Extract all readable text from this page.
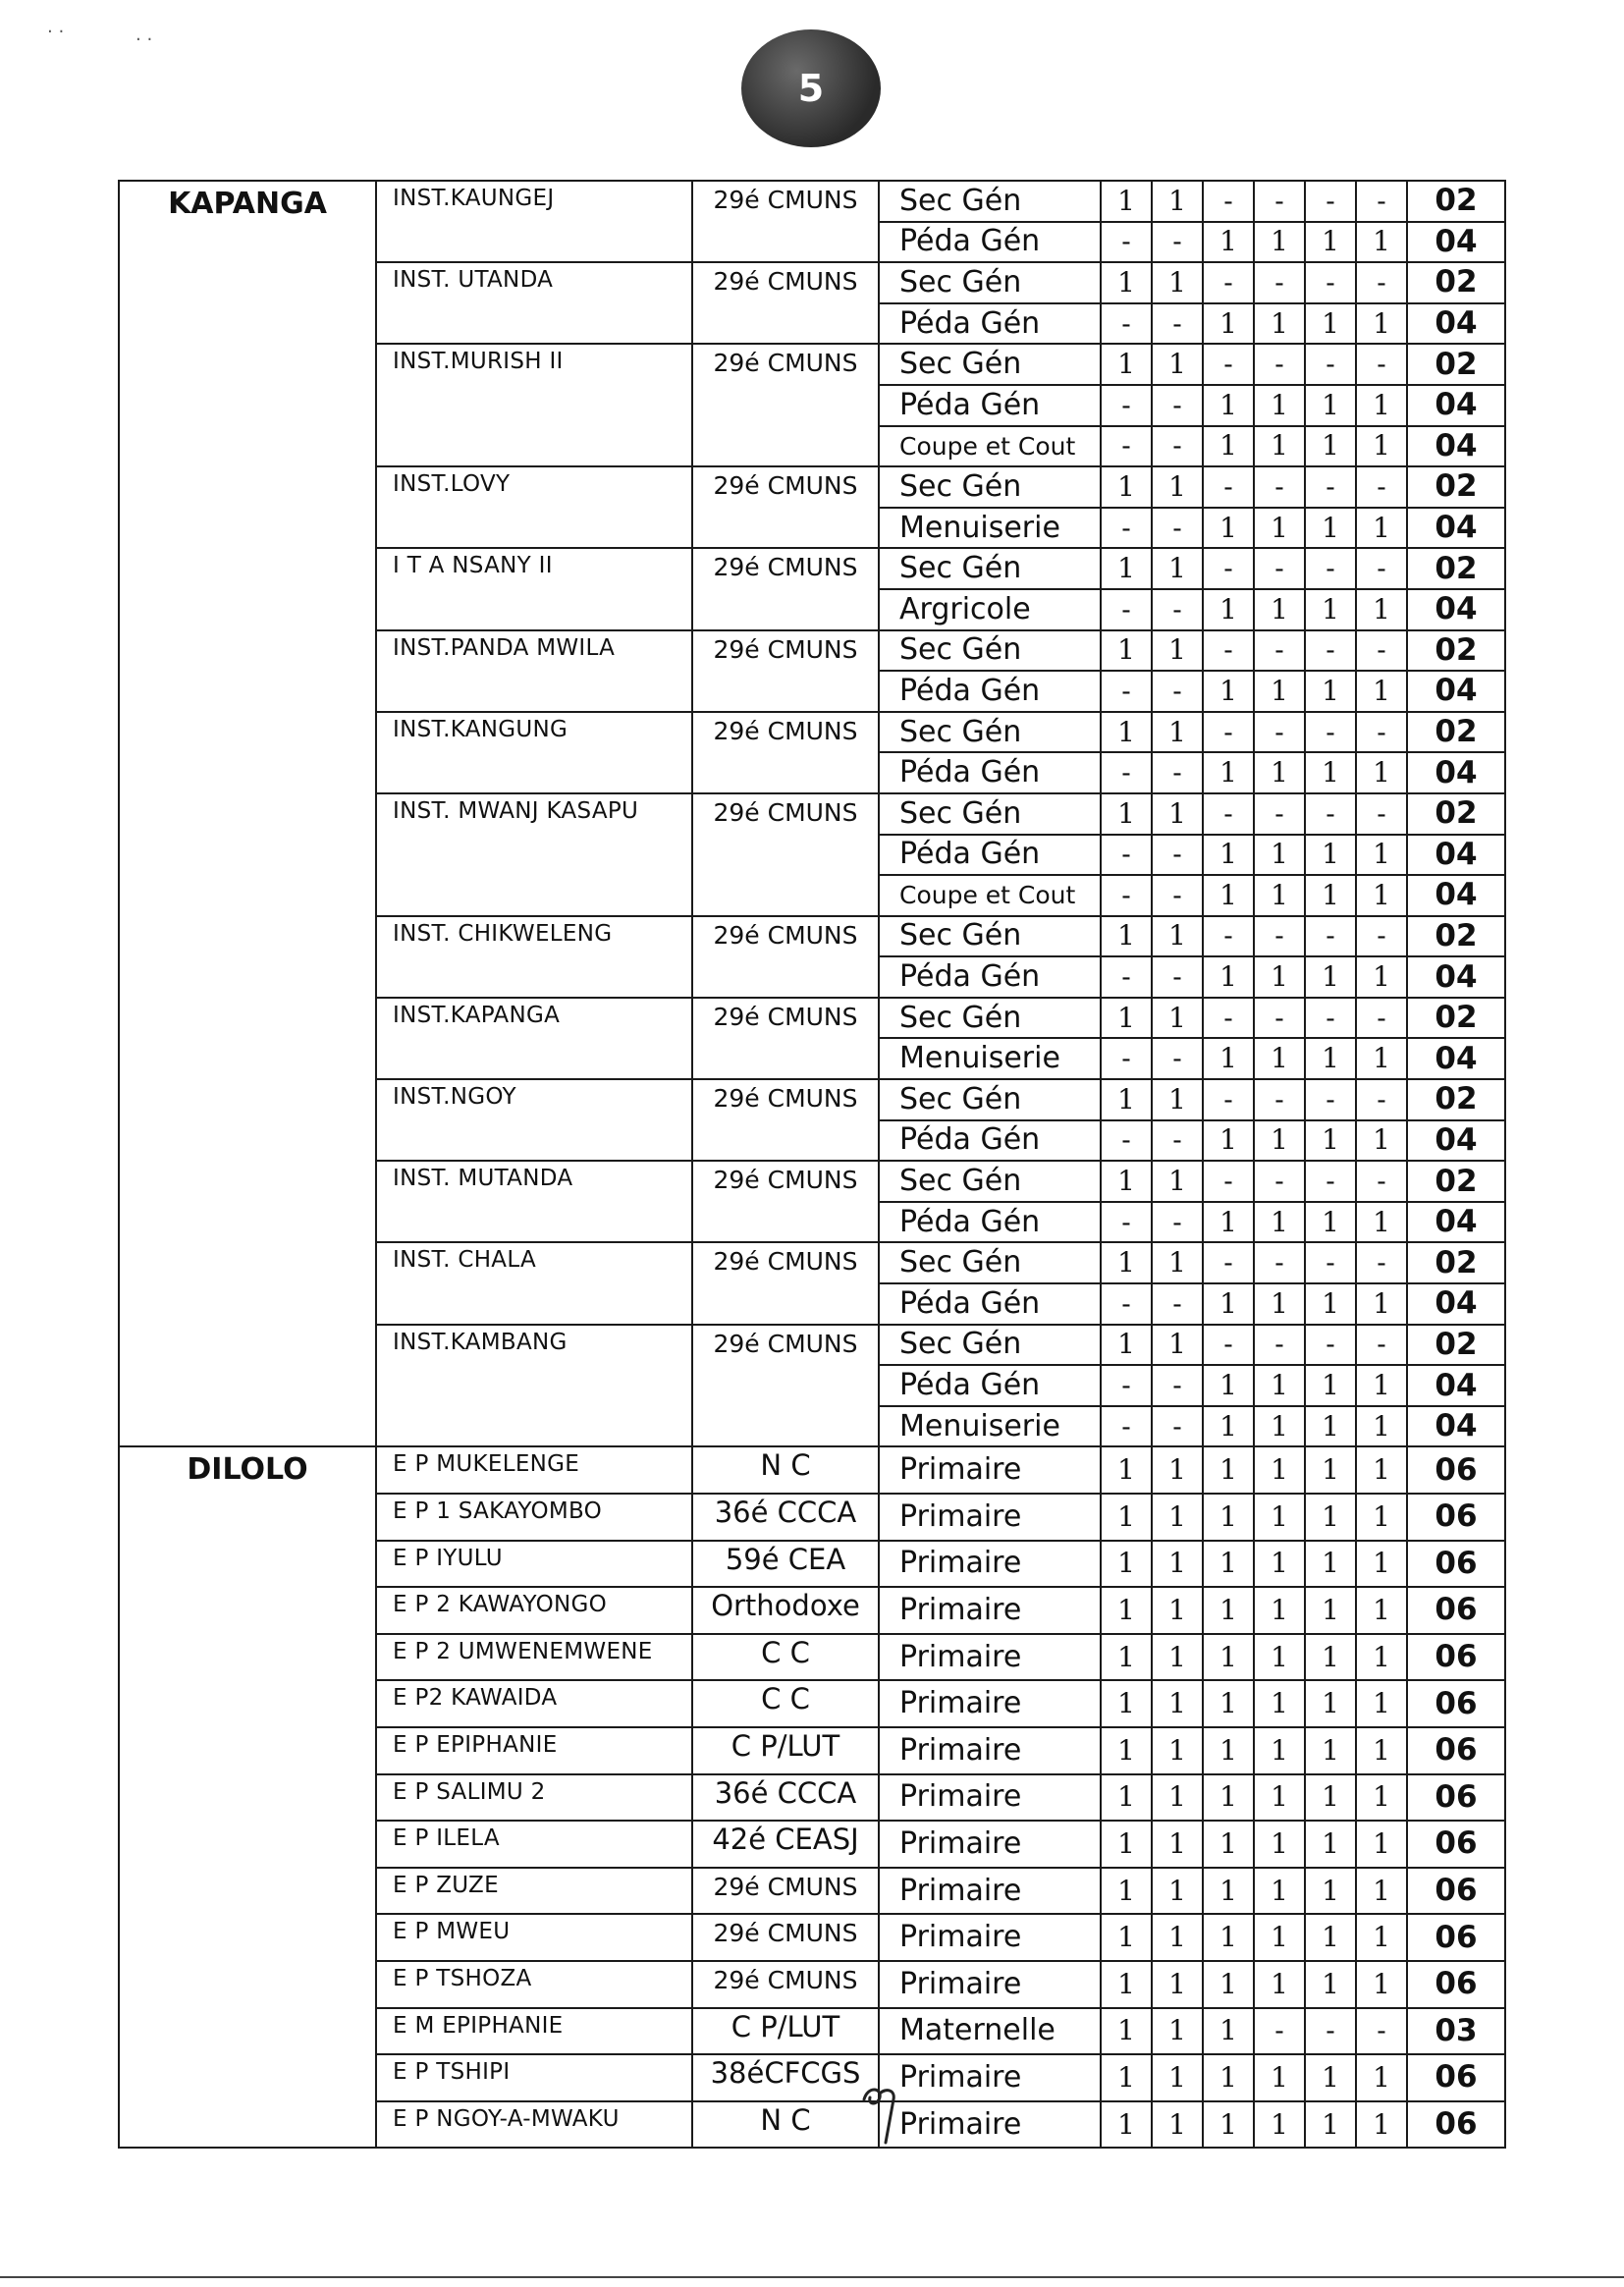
5
⋅ ⋅	⋅ ⋅
KAPANGA	INST.KAUNGEJ	29é CMUNS	Sec Gén	1	1	-	-	-	-	02
			Péda Gén	-	-	1	1	1	1	04
	INST. UTANDA	29é CMUNS	Sec Gén	1	1	-	-	-	-	02
			Péda Gén	-	-	1	1	1	1	04
	INST.MURISH II	29é CMUNS	Sec Gén	1	1	-	-	-	-	02
			Péda Gén	-	-	1	1	1	1	04
			Coupe et Cout	-	-	1	1	1	1	04
	INST.LOVY	29é CMUNS	Sec Gén	1	1	-	-	-	-	02
			Menuiserie	-	-	1	1	1	1	04
	I T A NSANY II	29é CMUNS	Sec Gén	1	1	-	-	-	-	02
			Argricole	-	-	1	1	1	1	04
	INST.PANDA MWILA	29é CMUNS	Sec Gén	1	1	-	-	-	-	02
			Péda Gén	-	-	1	1	1	1	04
	INST.KANGUNG	29é CMUNS	Sec Gén	1	1	-	-	-	-	02
			Péda Gén	-	-	1	1	1	1	04
	INST. MWANJ KASAPU	29é CMUNS	Sec Gén	1	1	-	-	-	-	02
			Péda Gén	-	-	1	1	1	1	04
			Coupe et Cout	-	-	1	1	1	1	04
	INST. CHIKWELENG	29é CMUNS	Sec Gén	1	1	-	-	-	-	02
			Péda Gén	-	-	1	1	1	1	04
	INST.KAPANGA	29é CMUNS	Sec Gén	1	1	-	-	-	-	02
			Menuiserie	-	-	1	1	1	1	04
	INST.NGOY	29é CMUNS	Sec Gén	1	1	-	-	-	-	02
			Péda Gén	-	-	1	1	1	1	04
	INST. MUTANDA	29é CMUNS	Sec Gén	1	1	-	-	-	-	02
			Péda Gén	-	-	1	1	1	1	04
	INST. CHALA	29é CMUNS	Sec Gén	1	1	-	-	-	-	02
			Péda Gén	-	-	1	1	1	1	04
	INST.KAMBANG	29é CMUNS	Sec Gén	1	1	-	-	-	-	02
			Péda Gén	-	-	1	1	1	1	04
			Menuiserie	-	-	1	1	1	1	04
DILOLO	E P MUKELENGE	N C	Primaire	1	1	1	1	1	1	06
	E P 1 SAKAYOMBO	36é CCCA	Primaire	1	1	1	1	1	1	06
	E P IYULU	59é CEA	Primaire	1	1	1	1	1	1	06
	E P 2 KAWAYONGO	Orthodoxe	Primaire	1	1	1	1	1	1	06
	E P 2 UMWENEMWENE	C C	Primaire	1	1	1	1	1	1	06
	E P2 KAWAIDA	C C	Primaire	1	1	1	1	1	1	06
	E P EPIPHANIE	C P/LUT	Primaire	1	1	1	1	1	1	06
	E P SALIMU 2	36é CCCA	Primaire	1	1	1	1	1	1	06
	E P ILELA	42é CEASJ	Primaire	1	1	1	1	1	1	06
	E P ZUZE	29é CMUNS	Primaire	1	1	1	1	1	1	06
	E P MWEU	29é CMUNS	Primaire	1	1	1	1	1	1	06
	E P TSHOZA	29é CMUNS	Primaire	1	1	1	1	1	1	06
	E M EPIPHANIE	C P/LUT	Maternelle	1	1	1	-	-	-	03
	E P TSHIPI	38éCFCGS	Primaire	1	1	1	1	1	1	06
	E P NGOY-A-MWAKU	N C	Primaire	1	1	1	1	1	1	06
